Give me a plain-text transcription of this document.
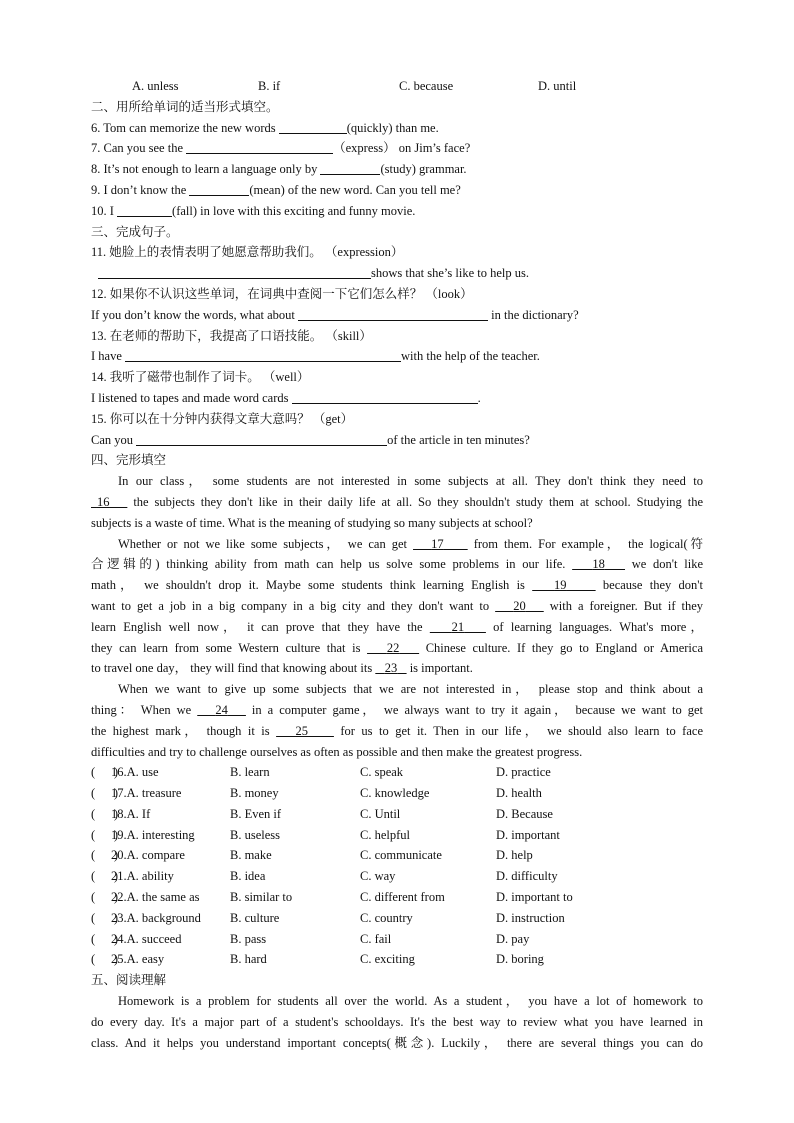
A. unless	B. if	C. because	D. until
二、用所给单词的适当形式填空。
6. Tom can memorize the new words	(quickly) than me.
7. Can you see the	（express） on Jim’s face?
8. It’s not enough to learn a language only by	(study) grammar.
9. I don’t know the	(mean) of the new word. Can you tell me?
10. I	(fall) in love with this exciting and funny movie.
三、完成句子。
11. 她脸上的表情表明了她愿意帮助我们。 （expression）
shows that she’s like to help us.
12. 如果你不认识这些单词，在词典中查阅一下它们怎么样？ （look）
If you don’t know the words, what about	in the dictionary?
13. 在老师的帮助下，我提高了口语技能。 （skill）
I have	with the help of the teacher.
14. 我听了磁带也制作了词卡。 （well）
I listened to tapes and made word cards	.
15. 你可以在十分钟内获得文章大意吗？ （get）
Can you	of the article in ten minutes?
四、完形填空
In our class， some students are not interested in some subjects at all. They don't think they need to
16 the subjects they don't like in their daily life at all. So they shouldn't study them at school. Studying the
subjects is a waste of time. What is the meaning of studying so many subjects at school?
Whether or not we like some subjects， we can get    17     from them. For example， the logical(符
合逻辑的) thinking ability from math can help us solve some problems in our life.    18    we don't like
math， we shouldn't drop it. Maybe some students think learning English is    19     because they don't
want to get a job in a big company in a big city and they don't want to    20    with a foreigner. But if they
learn English well now， it can prove that they have the    21    of learning languages. What's more，
they can learn from some Western culture that is    22    Chinese culture. If they go to England or America
to travel one day， they will find that knowing about its    23    is important.
When we want to give up some subjects that we are not interested in， please stop and think about a
thing： When we    24    in a computer game， we always want to try it again， because we want to get
the highest mark， though it is    25     for us to get it. Then in our life， we should also learn to face
difficulties and try to challenge ourselves as often as possible and then make the greatest progress.
(      )
16.A. use	B. learn	C. speak	D. practice
(      )
17.A. treasure	B. money	C. knowledge	D. health
(      )
18.A. If	B. Even if	C. Until	D. Because
(      )
19.A. interesting	B. useless	C. helpful	D. important
(      )
20.A. compare	B. make	C. communicate	D. help
(      )
21.A. ability	B. idea	C. way	D. difficulty
(      )
22.A. the same as B. similar to	C. different from	D. important to
(      )
23.A. background B. culture	C. country	D. instruction
(      )
24.A. succeed	B. pass	C. fail	D. pay
(      )
25.A. easy	B. hard	C. exciting	D. boring
五、阅读理解
Homework is a problem for students all over the world. As a student， you have a lot of homework to
do every day. It's a major part of a student's schooldays. It's the best way to review what you have learned in
class. And it helps you understand important concepts(概念). Luckily， there are several things you can do
